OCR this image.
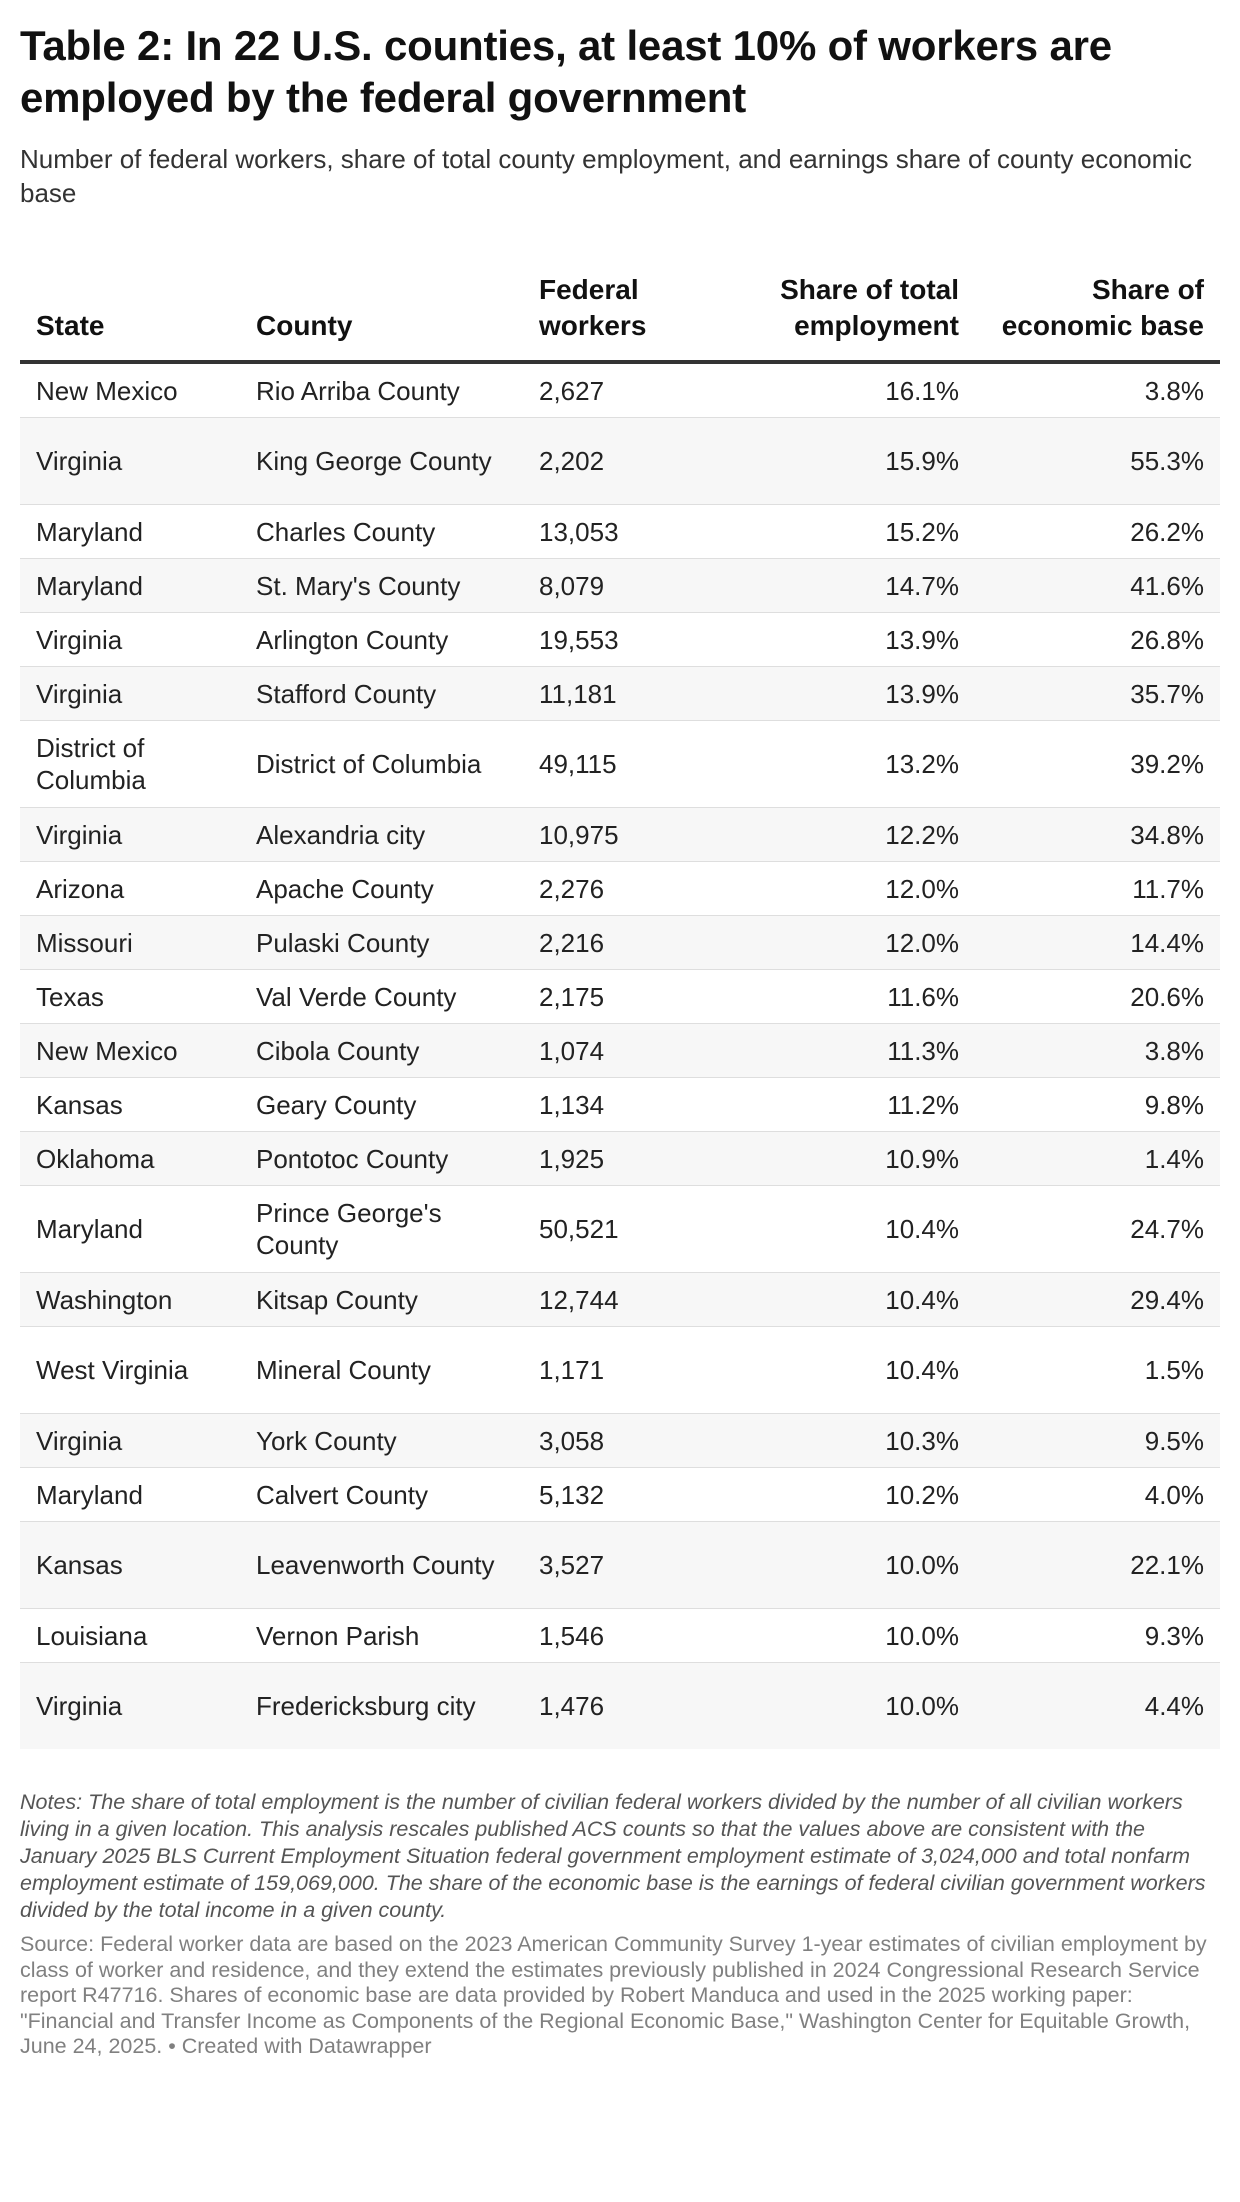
Table 2: In 22 U.S. counties, at least 10% of workers are employed by the federal government
Number of federal workers, share of total county employment, and earnings share of county economic base
State	County	Federal workers	Share of total employment	Share of economic base
New Mexico	Rio Arriba County	2,627	16.1%	3.8%
Virginia	King George County	2,202	15.9%	55.3%
Maryland	Charles County	13,053	15.2%	26.2%
Maryland	St. Mary's County	8,079	14.7%	41.6%
Virginia	Arlington County	19,553	13.9%	26.8%
Virginia	Stafford County	11,181	13.9%	35.7%
District of Columbia	District of Columbia	49,115	13.2%	39.2%
Virginia	Alexandria city	10,975	12.2%	34.8%
Arizona	Apache County	2,276	12.0%	11.7%
Missouri	Pulaski County	2,216	12.0%	14.4%
Texas	Val Verde County	2,175	11.6%	20.6%
New Mexico	Cibola County	1,074	11.3%	3.8%
Kansas	Geary County	1,134	11.2%	9.8%
Oklahoma	Pontotoc County	1,925	10.9%	1.4%
Maryland	Prince George's County	50,521	10.4%	24.7%
Washington	Kitsap County	12,744	10.4%	29.4%
West Virginia	Mineral County	1,171	10.4%	1.5%
Virginia	York County	3,058	10.3%	9.5%
Maryland	Calvert County	5,132	10.2%	4.0%
Kansas	Leavenworth County	3,527	10.0%	22.1%
Louisiana	Vernon Parish	1,546	10.0%	9.3%
Virginia	Fredericksburg city	1,476	10.0%	4.4%
Notes: The share of total employment is the number of civilian federal workers divided by the number of all civilian workers living in a given location. This analysis rescales published ACS counts so that the values above are consistent with the January 2025 BLS Current Employment Situation federal government employment estimate of 3,024,000 and total nonfarm employment estimate of 159,069,000. The share of the economic base is the earnings of federal civilian government workers divided by the total income in a given county.
Source: Federal worker data are based on the 2023 American Community Survey 1-year estimates of civilian employment by class of worker and residence, and they extend the estimates previously published in 2024 Congressional Research Service report R47716. Shares of economic base are data provided by Robert Manduca and used in the 2025 working paper: "Financial and Transfer Income as Components of the Regional Economic Base," Washington Center for Equitable Growth, June 24, 2025. • Created with Datawrapper
